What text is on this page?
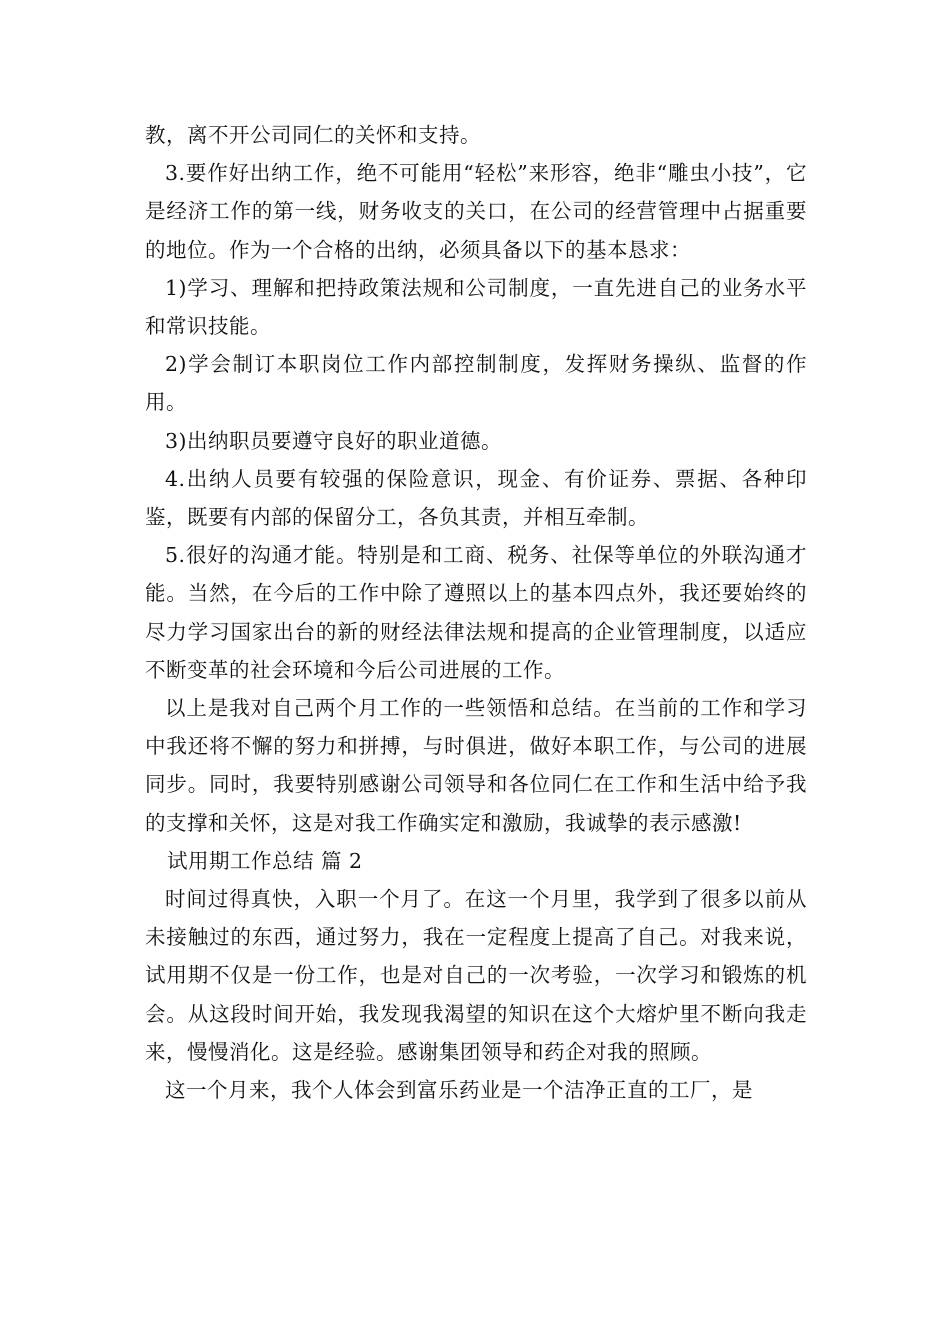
教，离不开公司同仁的关怀和支持。

3.要作好出纳工作，绝不可能用“轻松”来形容，绝非“雕虫小技”，它是经济工作的第一线，财务收支的关口，在公司的经营管理中占据重要的地位。作为一个合格的出纳，必须具备以下的基本恳求：

1)学习、理解和把持政策法规和公司制度，一直先进自己的业务水平和常识技能。

2)学会制订本职岗位工作内部控制制度，发挥财务操纵、监督的作用。

3)出纳职员要遵守良好的职业道德。

4.出纳人员要有较强的保险意识，现金、有价证券、票据、各种印鉴，既要有内部的保留分工，各负其责，并相互牵制。

5.很好的沟通才能。特别是和工商、税务、社保等单位的外联沟通才能。当然，在今后的工作中除了遵照以上的基本四点外，我还要始终的尽力学习国家出台的新的财经法律法规和提高的企业管理制度，以适应不断变革的社会环境和今后公司进展的工作。

以上是我对自己两个月工作的一些领悟和总结。在当前的工作和学习中我还将不懈的努力和拼搏，与时俱进，做好本职工作，与公司的进展同步。同时，我要特别感谢公司领导和各位同仁在工作和生活中给予我的支撑和关怀，这是对我工作确实定和激励，我诚挚的表示感激!

试用期工作总结 篇 2

时间过得真快，入职一个月了。在这一个月里，我学到了很多以前从未接触过的东西，通过努力，我在一定程度上提高了自己。对我来说，试用期不仅是一份工作，也是对自己的一次考验，一次学习和锻炼的机会。从这段时间开始，我发现我渴望的知识在这个大熔炉里不断向我走来，慢慢消化。这是经验。感谢集团领导和药企对我的照顾。

这一个月来，我个人体会到富乐药业是一个洁净正直的工厂，是
